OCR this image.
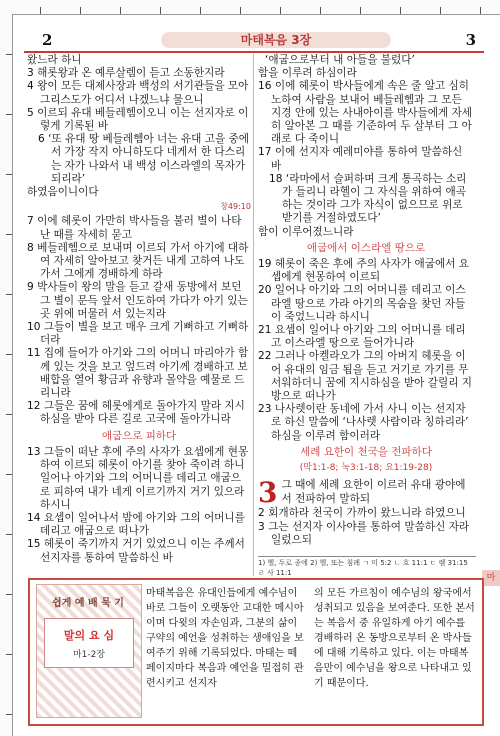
2	마태복음 3장	3

왔느라 하니

3 해롯왕과 온 예루살렘이 듣고 소동한지라

4 왕이 모든 대제사장과 백성의 서기관들을 모아 그리스도가 어디서 나겠느냐 물으니

5 이르되 유대 베들레헴이오니 이는 선지자로 이렇게 기록된 바

6 ‘또 유대 땅 베들레헴아 너는 유대 고을 중에서 가장 작지 아니하도다 네게서 한 다스리는 자가 나와서 내 백성 이스라엘의 목자가 되리라’

하였음이니이다

창49:10

7 이에 헤롯이 가만히 박사들을 불러 별이 나타난 때를 자세히 묻고

8 베들레헴으로 보내며 이르되 가서 아기에 대하여 자세히 알아보고 찾거든 내게 고하여 나도 가서 그에게 경배하게 하라

9 박사들이 왕의 말을 듣고 갈새 동방에서 보던 그 별이 문득 앞서 인도하여 가다가 아기 있는 곳 위에 머물러 서 있는지라

10 그들이 별을 보고 매우 크게 기뻐하고 기뻐하더라

11 집에 들어가 아기와 그의 어머니 마리아가 함께 있는 것을 보고 엎드려 아기께 경배하고 보배합을 열어 황금과 유향과 몰약을 예물로 드리니라

12 그들은 꿈에 헤롯에게로 돌아가지 말라 지시하심을 받아 다른 길로 고국에 돌아가니라

애굽으로 피하다

13 그들이 떠난 후에 주의 사자가 요셉에게 현몽하여 이르되 헤롯이 아기를 찾아 죽이려 하니 일어나 아기와 그의 어머니를 데리고 애굽으로 피하여 내가 네게 이르기까지 거기 있으라 하시니

14 요셉이 일어나서 밤에 아기와 그의 어머니를 데리고 애굽으로 떠나가

15 헤롯이 죽기까지 거기 있었으니 이는 주께서 선지자를 통하여 말씀하신 바

‘애굽으로부터 내 아들을 불렀다’

함을 이루려 하심이라

16 이에 헤롯이 박사들에게 속은 줄 알고 심히 노하여 사람을 보내어 베들레헴과 그 모든 지경 안에 있는 사내아이를 박사들에게 자세히 알아본 그 때를 기준하여 두 살부터 그 아래로 다 죽이니

17 이에 선지자 예레미야를 통하여 말씀하신 바

18 ‘라마에서 슬퍼하며 크게 통곡하는 소리가 들리니 라헬이 그 자식을 위하여 애곡하는 것이라 그가 자식이 없으므로 위로 받기를 거절하였도다’

함이 이루어졌느니라

애굽에서 이스라엘 땅으로

19 헤롯이 죽은 후에 주의 사자가 애굽에서 요셉에게 현몽하여 이르되

20 일어나 아기와 그의 어머니를 데리고 이스라엘 땅으로 가라 아기의 목숨을 찾던 자들이 죽었느니라 하시니

21 요셉이 일어나 아기와 그의 어머니를 데리고 이스라엘 땅으로 들어가니라

22 그러나 아켈라오가 그의 아버지 헤롯을 이어 유대의 임금 됨을 듣고 거기로 가기를 무서워하더니 꿈에 지시하심을 받아 갈릴리 지방으로 떠나가

23 나사렛이란 동네에 가서 사니 이는 선지자로 하신 말씀에 ‘나사렛 사람이라 칭하리라’ 하심을 이루려 함이러라

세례 요한이 천국을 전파하다
(막1:1-8; 눅3:1-18; 요1:19-28)
3 그 때에 세례 요한이 이르러 유대 광야에서 전파하여 말하되

2 회개하라 천국이 가까이 왔느니라 하였으니

3 그는 선지자 이사야를 통하여 말씀하신 자라 일렀으되

1) 헬, 두로 종에 2) 헬, 또는 침례 ㄱ 미 5:2 ㄴ 호 11:1 ㄷ 렘 31:15 ㄹ 사 11:1	마
쉽게 예 배 묵 기
말의 요 심
마1-2장
마태복음은 유대인들에게 예수님이 바로 그들이 오랫동안 고대한 메시아이며 다윗의 자손임과, 그분의 삶이 구약의 예언을 성취하는 생애임을 보여주기 위해 기록되었다. 마태는 떼 페이지마다 복음과 예언을 밀접히 관련시키고 선지자
의 모든 가르침이 예수님의 왕국에서 성취되고 있음을 보여준다. 또한 본서는 복음서 중 유일하게 아기 예수를 경배하러 온 동방으로부터 온 박사들에 대해 기록하고 있다. 이는 마태복음만이 예수님을 왕으로 나타내고 있기 때문이다.
